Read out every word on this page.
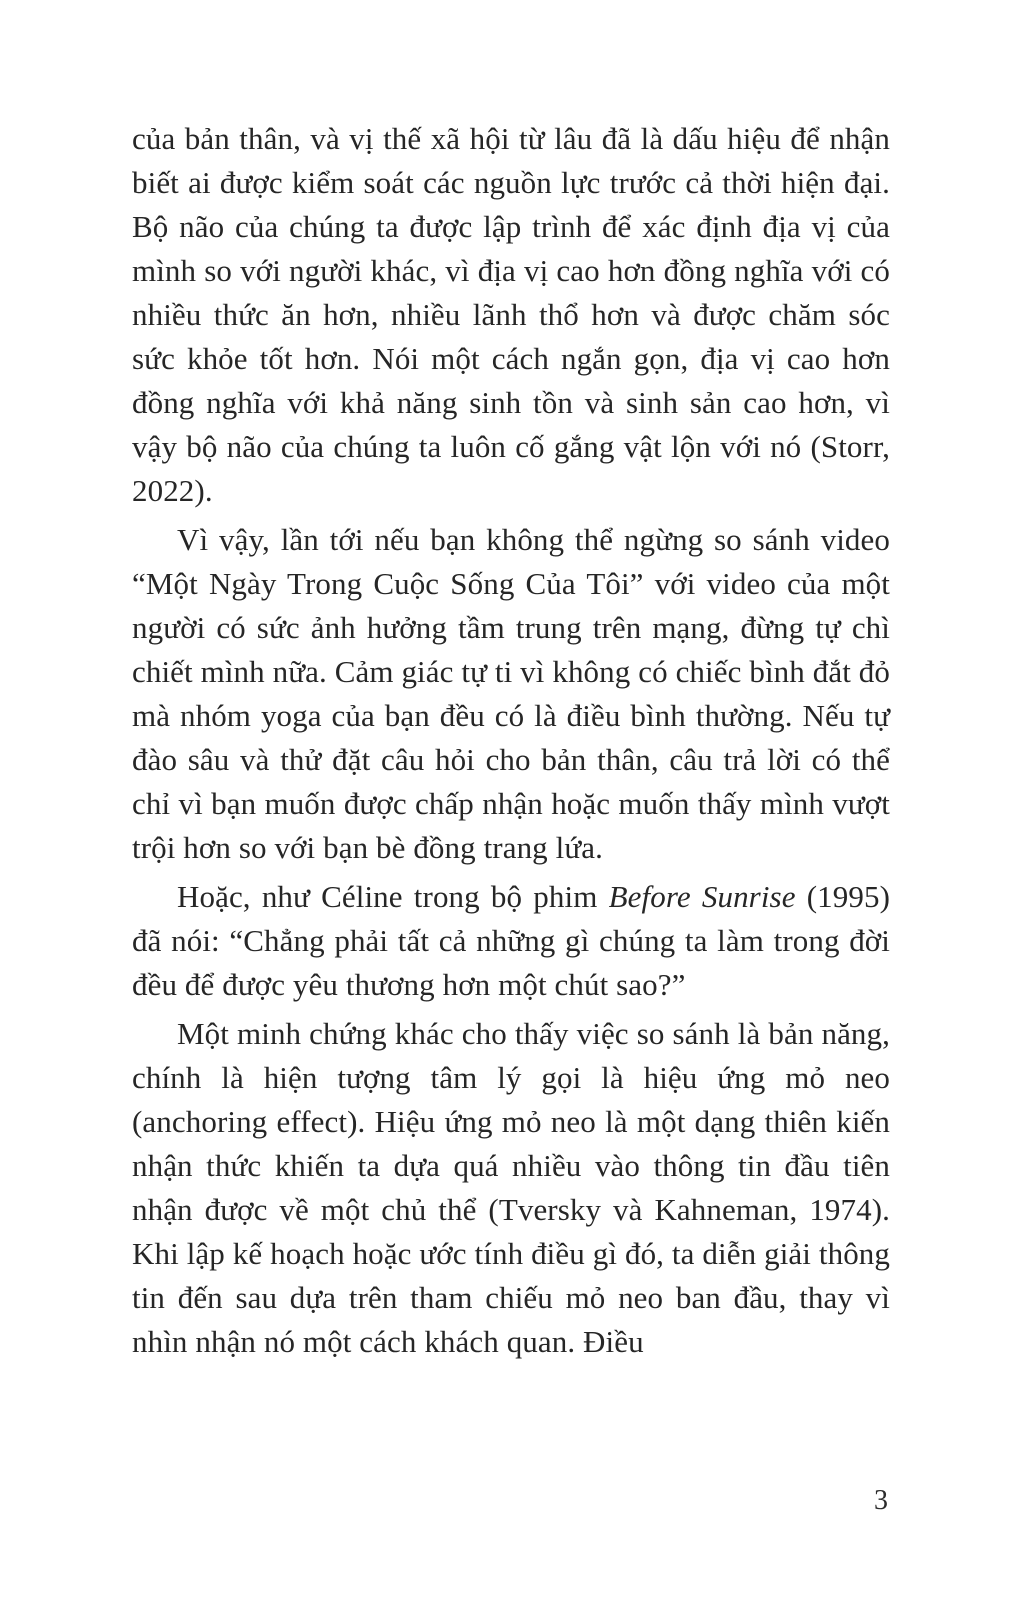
của bản thân, và vị thế xã hội từ lâu đã là dấu hiệu để nhận biết ai được kiểm soát các nguồn lực trước cả thời hiện đại. Bộ não của chúng ta được lập trình để xác định địa vị của mình so với người khác, vì địa vị cao hơn đồng nghĩa với có nhiều thức ăn hơn, nhiều lãnh thổ hơn và được chăm sóc sức khỏe tốt hơn. Nói một cách ngắn gọn, địa vị cao hơn đồng nghĩa với khả năng sinh tồn và sinh sản cao hơn, vì vậy bộ não của chúng ta luôn cố gắng vật lộn với nó (Storr, 2022).

Vì vậy, lần tới nếu bạn không thể ngừng so sánh video “Một Ngày Trong Cuộc Sống Của Tôi” với video của một người có sức ảnh hưởng tầm trung trên mạng, đừng tự chì chiết mình nữa. Cảm giác tự ti vì không có chiếc bình đắt đỏ mà nhóm yoga của bạn đều có là điều bình thường. Nếu tự đào sâu và thử đặt câu hỏi cho bản thân, câu trả lời có thể chỉ vì bạn muốn được chấp nhận hoặc muốn thấy mình vượt trội hơn so với bạn bè đồng trang lứa.

Hoặc, như Céline trong bộ phim Before Sunrise (1995) đã nói: “Chẳng phải tất cả những gì chúng ta làm trong đời đều để được yêu thương hơn một chút sao?”

Một minh chứng khác cho thấy việc so sánh là bản năng, chính là hiện tượng tâm lý gọi là hiệu ứng mỏ neo (anchoring effect). Hiệu ứng mỏ neo là một dạng thiên kiến nhận thức khiến ta dựa quá nhiều vào thông tin đầu tiên nhận được về một chủ thể (Tversky và Kahneman, 1974). Khi lập kế hoạch hoặc ước tính điều gì đó, ta diễn giải thông tin đến sau dựa trên tham chiếu mỏ neo ban đầu, thay vì nhìn nhận nó một cách khách quan. Điều

3
